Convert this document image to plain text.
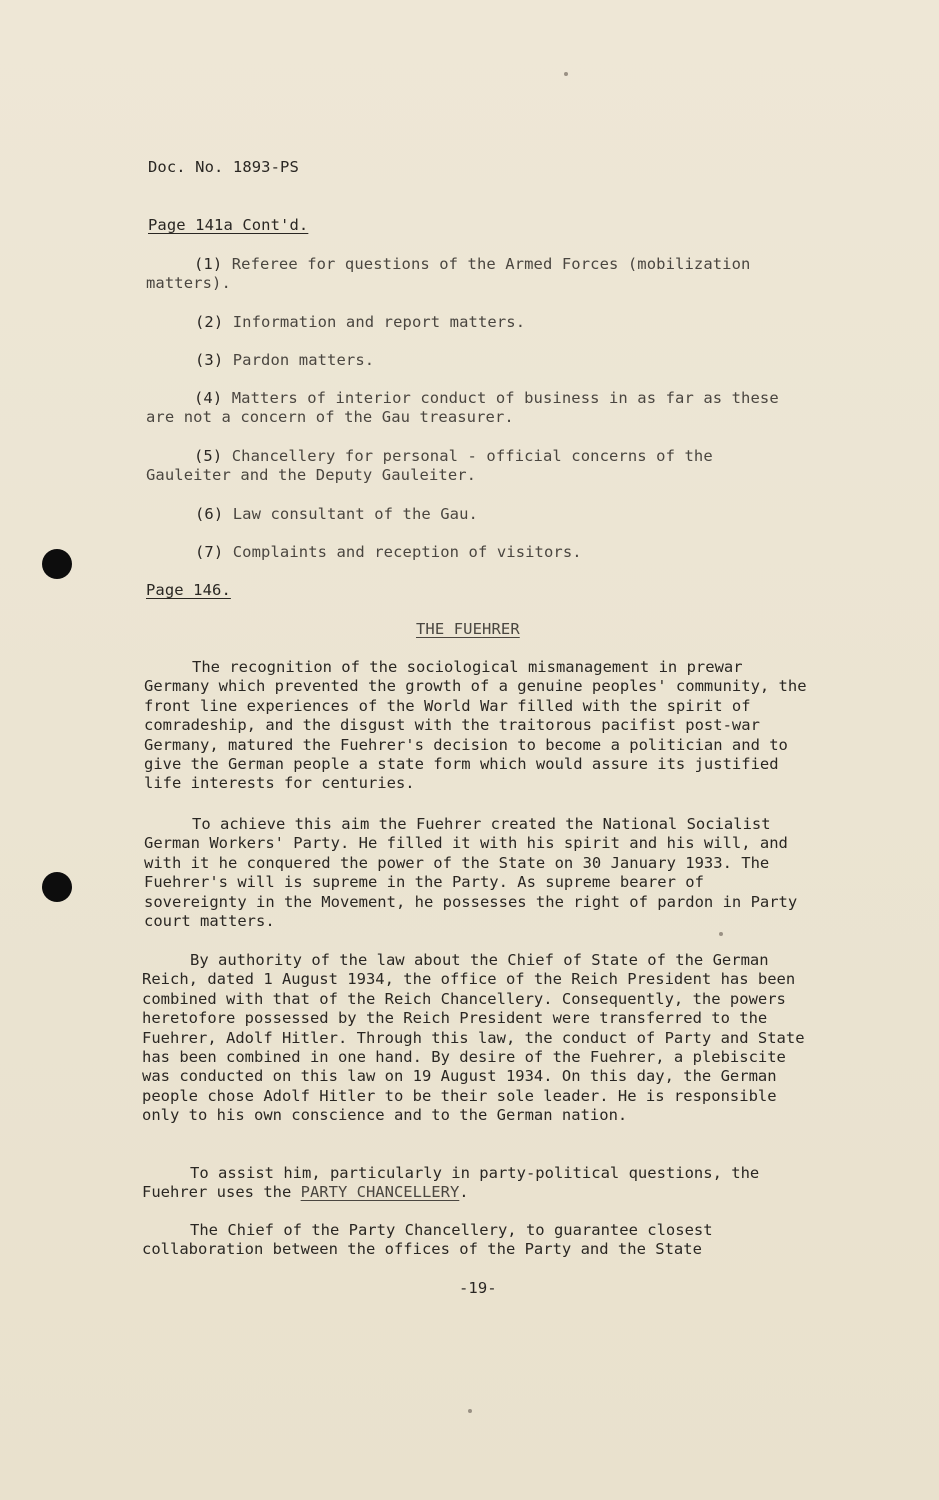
Doc. No. 1893-PS
Page 141a Cont'd.
(1) Referee for questions of the Armed Forces (mobilization matters).
(2) Information and report matters.
(3) Pardon matters.
(4) Matters of interior conduct of business in as far as these are not a concern of the Gau treasurer.
(5) Chancellery for personal - official concerns of the Gauleiter and the Deputy Gauleiter.
(6) Law consultant of the Gau.
(7) Complaints and reception of visitors.
Page 146.
THE FUEHRER
The recognition of the sociological mismanagement in prewar Germany which prevented the growth of a genuine peoples' community, the front line experiences of the World War filled with the spirit of comradeship, and the disgust with the traitorous pacifist post-war Germany, matured the Fuehrer's decision to become a politician and to give the German people a state form which would assure its justified life interests for centuries.
To achieve this aim the Fuehrer created the National Socialist German Workers' Party. He filled it with his spirit and his will, and with it he conquered the power of the State on 30 January 1933. The Fuehrer's will is supreme in the Party. As supreme bearer of sovereignty in the Movement, he possesses the right of pardon in Party court matters.
By authority of the law about the Chief of State of the German Reich, dated 1 August 1934, the office of the Reich President has been combined with that of the Reich Chancellery. Consequently, the powers heretofore possessed by the Reich President were transferred to the Fuehrer, Adolf Hitler. Through this law, the conduct of Party and State has been combined in one hand. By desire of the Fuehrer, a plebiscite was conducted on this law on 19 August 1934. On this day, the German people chose Adolf Hitler to be their sole leader. He is responsible only to his own conscience and to the German nation.
To assist him, particularly in party-political questions, the Fuehrer uses the PARTY CHANCELLERY.
The Chief of the Party Chancellery, to guarantee closest collaboration between the offices of the Party and the State
-19-
